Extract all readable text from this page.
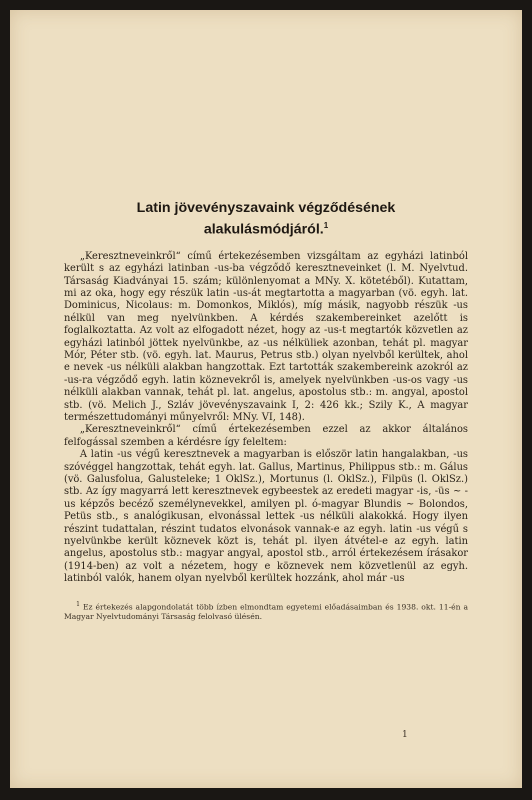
Latin jövevényszavaink végződésének
alakulásmódjáról.$^1$

„Keresztneveinkről“ című értekezésemben vizsgáltam az egyházi latinból került s az egyházi latinban -us-ba végződő keresztneveinket (l. M. Nyelvtud. Társaság Kiadványai 15. szám; különlenyomat a MNy. X. kötetéből). Kutattam, mi az oka, hogy egy részük latin -us-át megtartotta a magyarban (vö. egyh. lat. Dominicus, Nicolaus: m. Domonkos, Miklós), míg másik, nagyobb részük -us nélkül van meg nyelvünkben. A kérdés szakembereinket azelőtt is foglalkoztatta. Az volt az elfogadott nézet, hogy az -us-t megtartók közvetlen az egyházi latinból jöttek nyelvünkbe, az -us nélküliek azonban, tehát pl. magyar Mór, Péter stb. (vö. egyh. lat. Maurus, Petrus stb.) olyan nyelvből kerültek, ahol e nevek -us nélküli alakban hangzottak. Ezt tartották szakembereink azokról az -us-ra végződő egyh. latin köznevekről is, amelyek nyelvünkben -us-os vagy -us nélküli alakban vannak, tehát pl. lat. angelus, apostolus stb.: m. angyal, apostol stb. (vö. Melich J., Szláv jövevényszavaink I, 2: 426 kk.; Szily K., A magyar természettudományi műnyelvről: MNy. VI, 148).

„Keresztneveinkről“ című értekezésemben ezzel az akkor általános felfogással szemben a kérdésre így feleltem:

A latin -us végű keresztnevek a magyarban is először latin hangalakban, -us szóvéggel hangzottak, tehát egyh. lat. Gallus, Martinus, Philippus stb.: m. Gálus (vö. Galusfolua, Galusteleke; 1 OklSz.), Mortunus (l. OklSz.), Filpüs (l. OklSz.) stb. Az így magyarrá lett keresztnevek egybeestek az eredeti magyar -is, -üs ~ -us képzős becéző személynevekkel, amilyen pl. ó-magyar Blundis ~ Bolondos, Petüs stb., s analógikusan, elvonással lettek -us nélküli alakokká. Hogy ilyen részint tudattalan, részint tudatos elvonások vannak-e az egyh. latin -us végű s nyelvünkbe került köznevek közt is, tehát pl. ilyen átvétel-e az egyh. latin angelus, apostolus stb.: magyar angyal, apostol stb., arról értekezésem írásakor (1914-ben) az volt a nézetem, hogy e köznevek nem közvetlenül az egyh. latinból valók, hanem olyan nyelvből kerültek hozzánk, ahol már -us

$^1$ Ez értekezés alapgondolatát több ízben elmondtam egyetemi előadásaimban és 1938. okt. 11-én a Magyar Nyelvtudományi Társaság felolvasó ülésén.

1
